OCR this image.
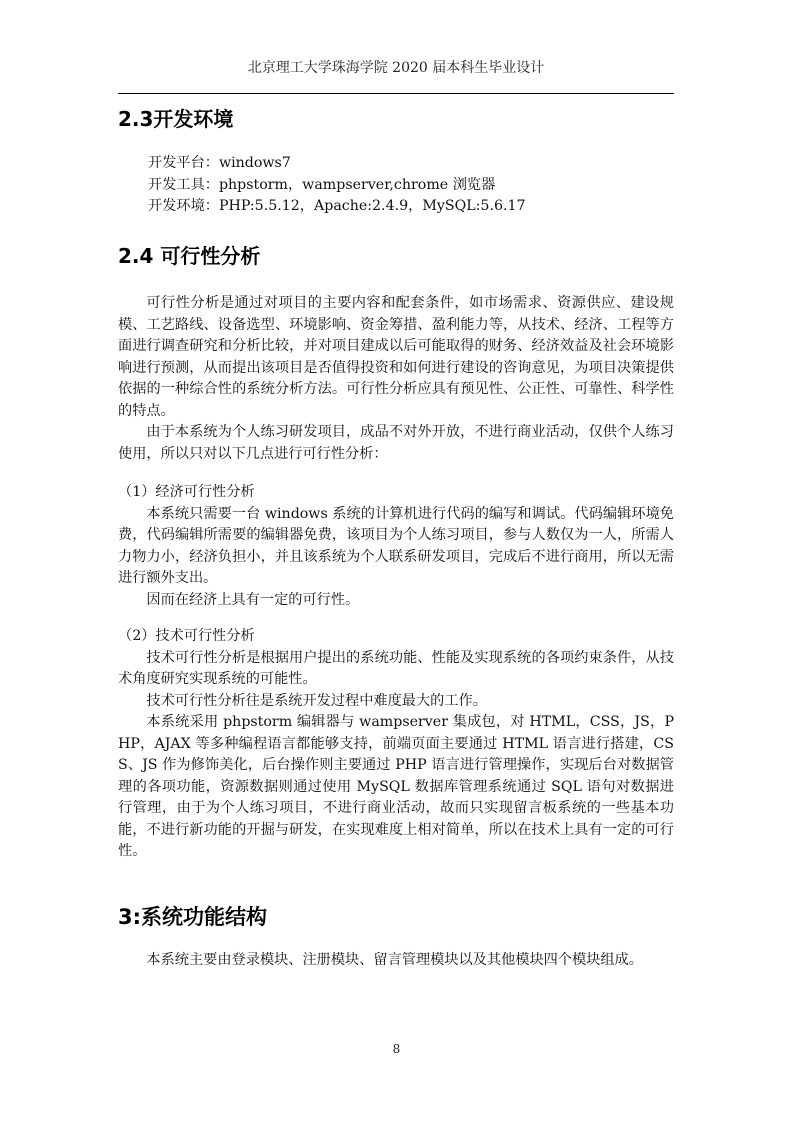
北京理工大学珠海学院 2020 届本科生毕业设计
2.3开发环境

开发平台：windows7

开发工具：phpstorm，wampserver,chrome 浏览器

开发环境：PHP:5.5.12，Apache:2.4.9，MySQL:5.6.17

2.4 可行性分析

可行性分析是通过对项目的主要内容和配套条件，如市场需求、资源供应、建设规模、工艺路线、设备选型、环境影响、资金筹措、盈利能力等，从技术、经济、工程等方面进行调查研究和分析比较，并对项目建成以后可能取得的财务、经济效益及社会环境影响进行预测，从而提出该项目是否值得投资和如何进行建设的咨询意见，为项目决策提供依据的一种综合性的系统分析方法。可行性分析应具有预见性、公正性、可靠性、科学性的特点。

由于本系统为个人练习研发项目，成品不对外开放，不进行商业活动，仅供个人练习使用，所以只对以下几点进行可行性分析：

（1）经济可行性分析

本系统只需要一台 windows 系统的计算机进行代码的编写和调试。代码编辑环境免费，代码编辑所需要的编辑器免费，该项目为个人练习项目，参与人数仅为一人，所需人力物力小，经济负担小，并且该系统为个人联系研发项目，完成后不进行商用，所以无需进行额外支出。

因而在经济上具有一定的可行性。

（2）技术可行性分析

技术可行性分析是根据用户提出的系统功能、性能及实现系统的各项约束条件，从技术角度研究实现系统的可能性。

技术可行性分析往是系统开发过程中难度最大的工作。

本系统采用 phpstorm 编辑器与 wampserver 集成包，对 HTML，CSS，JS，PHP，AJAX 等多种编程语言都能够支持，前端页面主要通过 HTML 语言进行搭建，CSS、JS 作为修饰美化，后台操作则主要通过 PHP 语言进行管理操作，实现后台对数据管理的各项功能，资源数据则通过使用 MySQL 数据库管理系统通过 SQL 语句对数据进行管理，由于为个人练习项目，不进行商业活动，故而只实现留言板系统的一些基本功能，不进行新功能的开掘与研发，在实现难度上相对简单，所以在技术上具有一定的可行性。

3:系统功能结构

本系统主要由登录模块、注册模块、留言管理模块以及其他模块四个模块组成。

8
